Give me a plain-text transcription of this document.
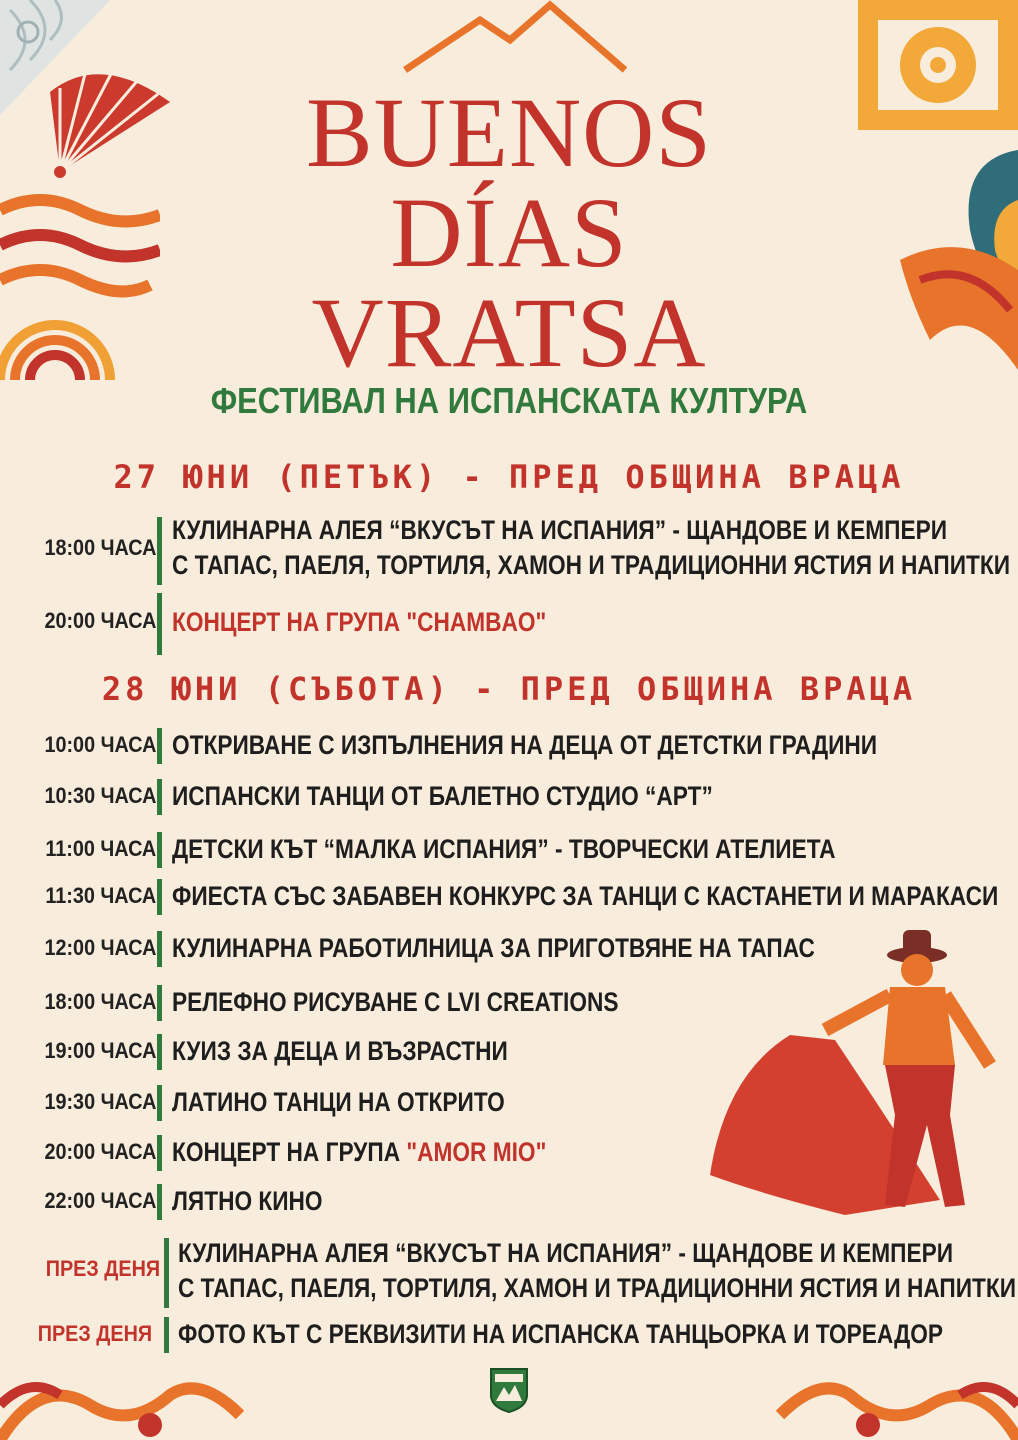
BUENOS
DÍAS
VRATSA
ФЕСТИВАЛ НА ИСПАНСКАТА КУЛТУРА
27 ЮНИ (ПЕТЪК) - ПРЕД ОБЩИНА ВРАЦА
18:00 ЧАСА
КУЛИНАРНА АЛЕЯ “ВКУСЪТ НА ИСПАНИЯ” - ЩАНДОВЕ И КЕМПЕРИ
С ТАПАС, ПАЕЛЯ, ТОРТИЛЯ, ХАМОН И ТРАДИЦИОННИ ЯСТИЯ И НАПИТКИ
20:00 ЧАСА КОНЦЕРТ НА ГРУПА "CHAMBAO"
28 ЮНИ (СЪБОТА) - ПРЕД ОБЩИНА ВРАЦА
10:00 ЧАСА ОТКРИВАНЕ С ИЗПЪЛНЕНИЯ НА ДЕЦА ОТ ДЕТСТКИ ГРАДИНИ
10:30 ЧАСА ИСПАНСКИ ТАНЦИ ОТ БАЛЕТНО СТУДИО “АРТ”
11:00 ЧАСА ДЕТСКИ КЪТ “МАЛКА ИСПАНИЯ” - ТВОРЧЕСКИ АТЕЛИЕТА
11:30 ЧАСА ФИЕСТА СЪС ЗАБАВЕН КОНКУРС ЗА ТАНЦИ С КАСТАНЕТИ И МАРАКАСИ
12:00 ЧАСА КУЛИНАРНА РАБОТИЛНИЦА ЗА ПРИГОТВЯНЕ НА ТАПАС
18:00 ЧАСА РЕЛЕФНО РИСУВАНЕ С LVI CREATIONS
19:00 ЧАСА КУИЗ ЗА ДЕЦА И ВЪЗРАСТНИ
19:30 ЧАСА ЛАТИНО ТАНЦИ НА ОТКРИТО
20:00 ЧАСА КОНЦЕРТ НА ГРУПА "AMOR MIO"
22:00 ЧАСА ЛЯТНО КИНО
ПРЕЗ ДЕНЯ
КУЛИНАРНА АЛЕЯ “ВКУСЪТ НА ИСПАНИЯ” - ЩАНДОВЕ И КЕМПЕРИ
С ТАПАС, ПАЕЛЯ, ТОРТИЛЯ, ХАМОН И ТРАДИЦИОННИ ЯСТИЯ И НАПИТКИ
ПРЕЗ ДЕНЯ ФОТО КЪТ С РЕКВИЗИТИ НА ИСПАНСКА ТАНЦЬОРКА И ТОРЕАДОР
